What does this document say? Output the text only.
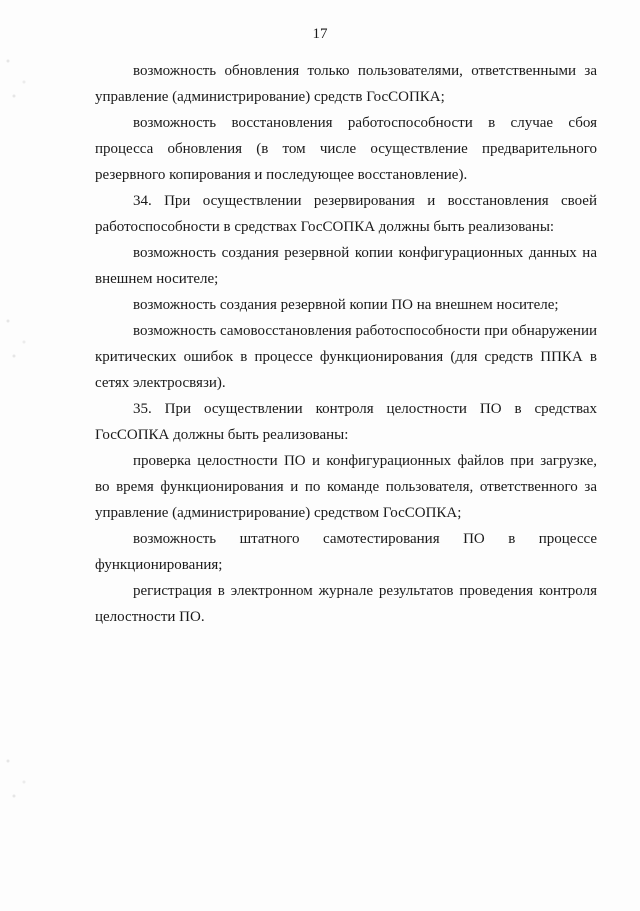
17

возможность обновления только пользователями, ответственными за управление (администрирование) средств ГосСОПКА;

возможность восстановления работоспособности в случае сбоя процесса обновления (в том числе осуществление предварительного резервного копирования и последующее восстановление).

34. При осуществлении резервирования и восстановления своей работоспособности в средствах ГосСОПКА должны быть реализованы:

возможность создания резервной копии конфигурационных данных на внешнем носителе;

возможность создания резервной копии ПО на внешнем носителе;

возможность самовосстановления работоспособности при обнаружении критических ошибок в процессе функционирования (для средств ППКА в сетях электросвязи).

35. При осуществлении контроля целостности ПО в средствах ГосСОПКА должны быть реализованы:

проверка целостности ПО и конфигурационных файлов при загрузке, во время функционирования и по команде пользователя, ответственного за управление (администрирование) средством ГосСОПКА;

возможность штатного самотестирования ПО в процессе функционирования;

регистрация в электронном журнале результатов проведения контроля целостности ПО.
